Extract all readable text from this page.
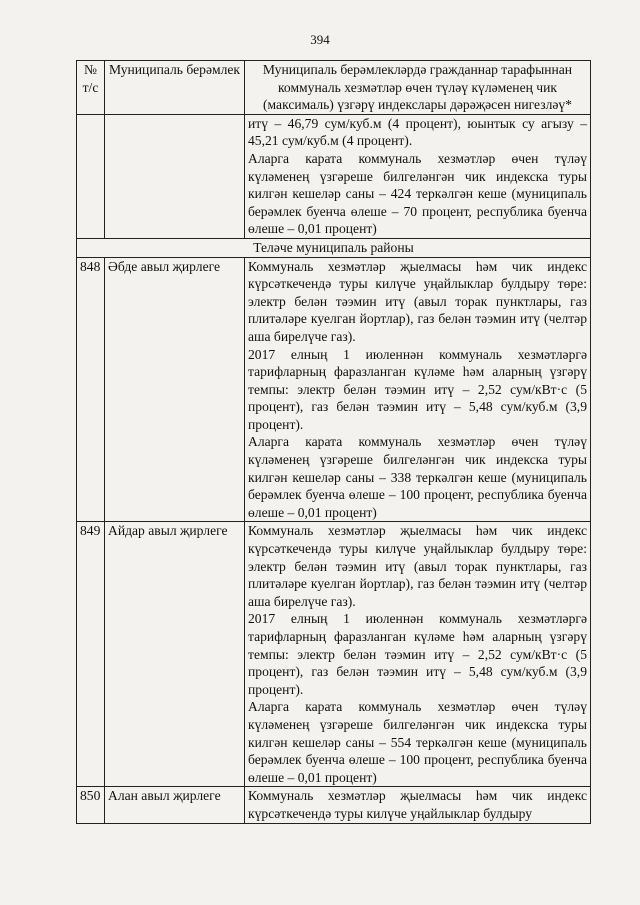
394
№
т/с	Муниципаль берәмлек	Муниципаль берәмлекләрдә гражданнар тарафыннан коммуналь хезмәтләр өчен түләү күләменең чик (максималь) үзгәрү индекслары дәрәҗәсен нигезләү*

		итү – 46,79 сум/куб.м (4 процент), юынтык су агызу – 45,21 сум/куб.м (4 процент).
Аларга карата коммуналь хезмәтләр өчен түләү күләменең үзгәреше билгеләнгән чик индекска туры килгән кешеләр саны – 424 теркәлгән кеше (муниципаль берәмлек буенча өлеше – 70 процент, республика буенча өлеше – 0,01 процент)

Теләче муниципаль районы		
848	Әбде авыл җирлеге	Коммуналь хезмәтләр җыелмасы һәм чик индекс күрсәткечендә туры килүче уңайлыклар булдыру төре: электр белән тәэмин итү (авыл торак пунктлары, газ плитәләре куелган йортлар), газ белән тәэмин итү (челтәр аша бирелүче газ).
2017 елның 1 июленнән коммуналь хезмәтләргә тарифларның фаразланган күләме һәм аларның үзгәрү темпы: электр белән тәэмин итү – 2,52 сум/кВт·с (5 процент), газ белән тәэмин итү – 5,48 сум/куб.м (3,9 процент).
Аларга карата коммуналь хезмәтләр өчен түләү күләменең үзгәреше билгеләнгән чик индекска туры килгән кешеләр саны – 338 теркәлгән кеше (муниципаль берәмлек буенча өлеше – 100 процент, республика буенча өлеше – 0,01 процент)

849	Айдар авыл җирлеге	Коммуналь хезмәтләр җыелмасы һәм чик индекс күрсәткечендә туры килүче уңайлыклар булдыру төре: электр белән тәэмин итү (авыл торак пунктлары, газ плитәләре куелган йортлар), газ белән тәэмин итү (челтәр аша бирелүче газ).
2017 елның 1 июленнән коммуналь хезмәтләргә тарифларның фаразланган күләме һәм аларның үзгәрү темпы: электр белән тәэмин итү – 2,52 сум/кВт·с (5 процент), газ белән тәэмин итү – 5,48 сум/куб.м (3,9 процент).
Аларга карата коммуналь хезмәтләр өчен түләү күләменең үзгәреше билгеләнгән чик индекска туры килгән кешеләр саны – 554 теркәлгән кеше (муниципаль берәмлек буенча өлеше – 100 процент, республика буенча өлеше – 0,01 процент)

850	Алан авыл җирлеге	Коммуналь хезмәтләр җыелмасы һәм чик индекс күрсәткечендә туры килүче уңайлыклар булдыру
